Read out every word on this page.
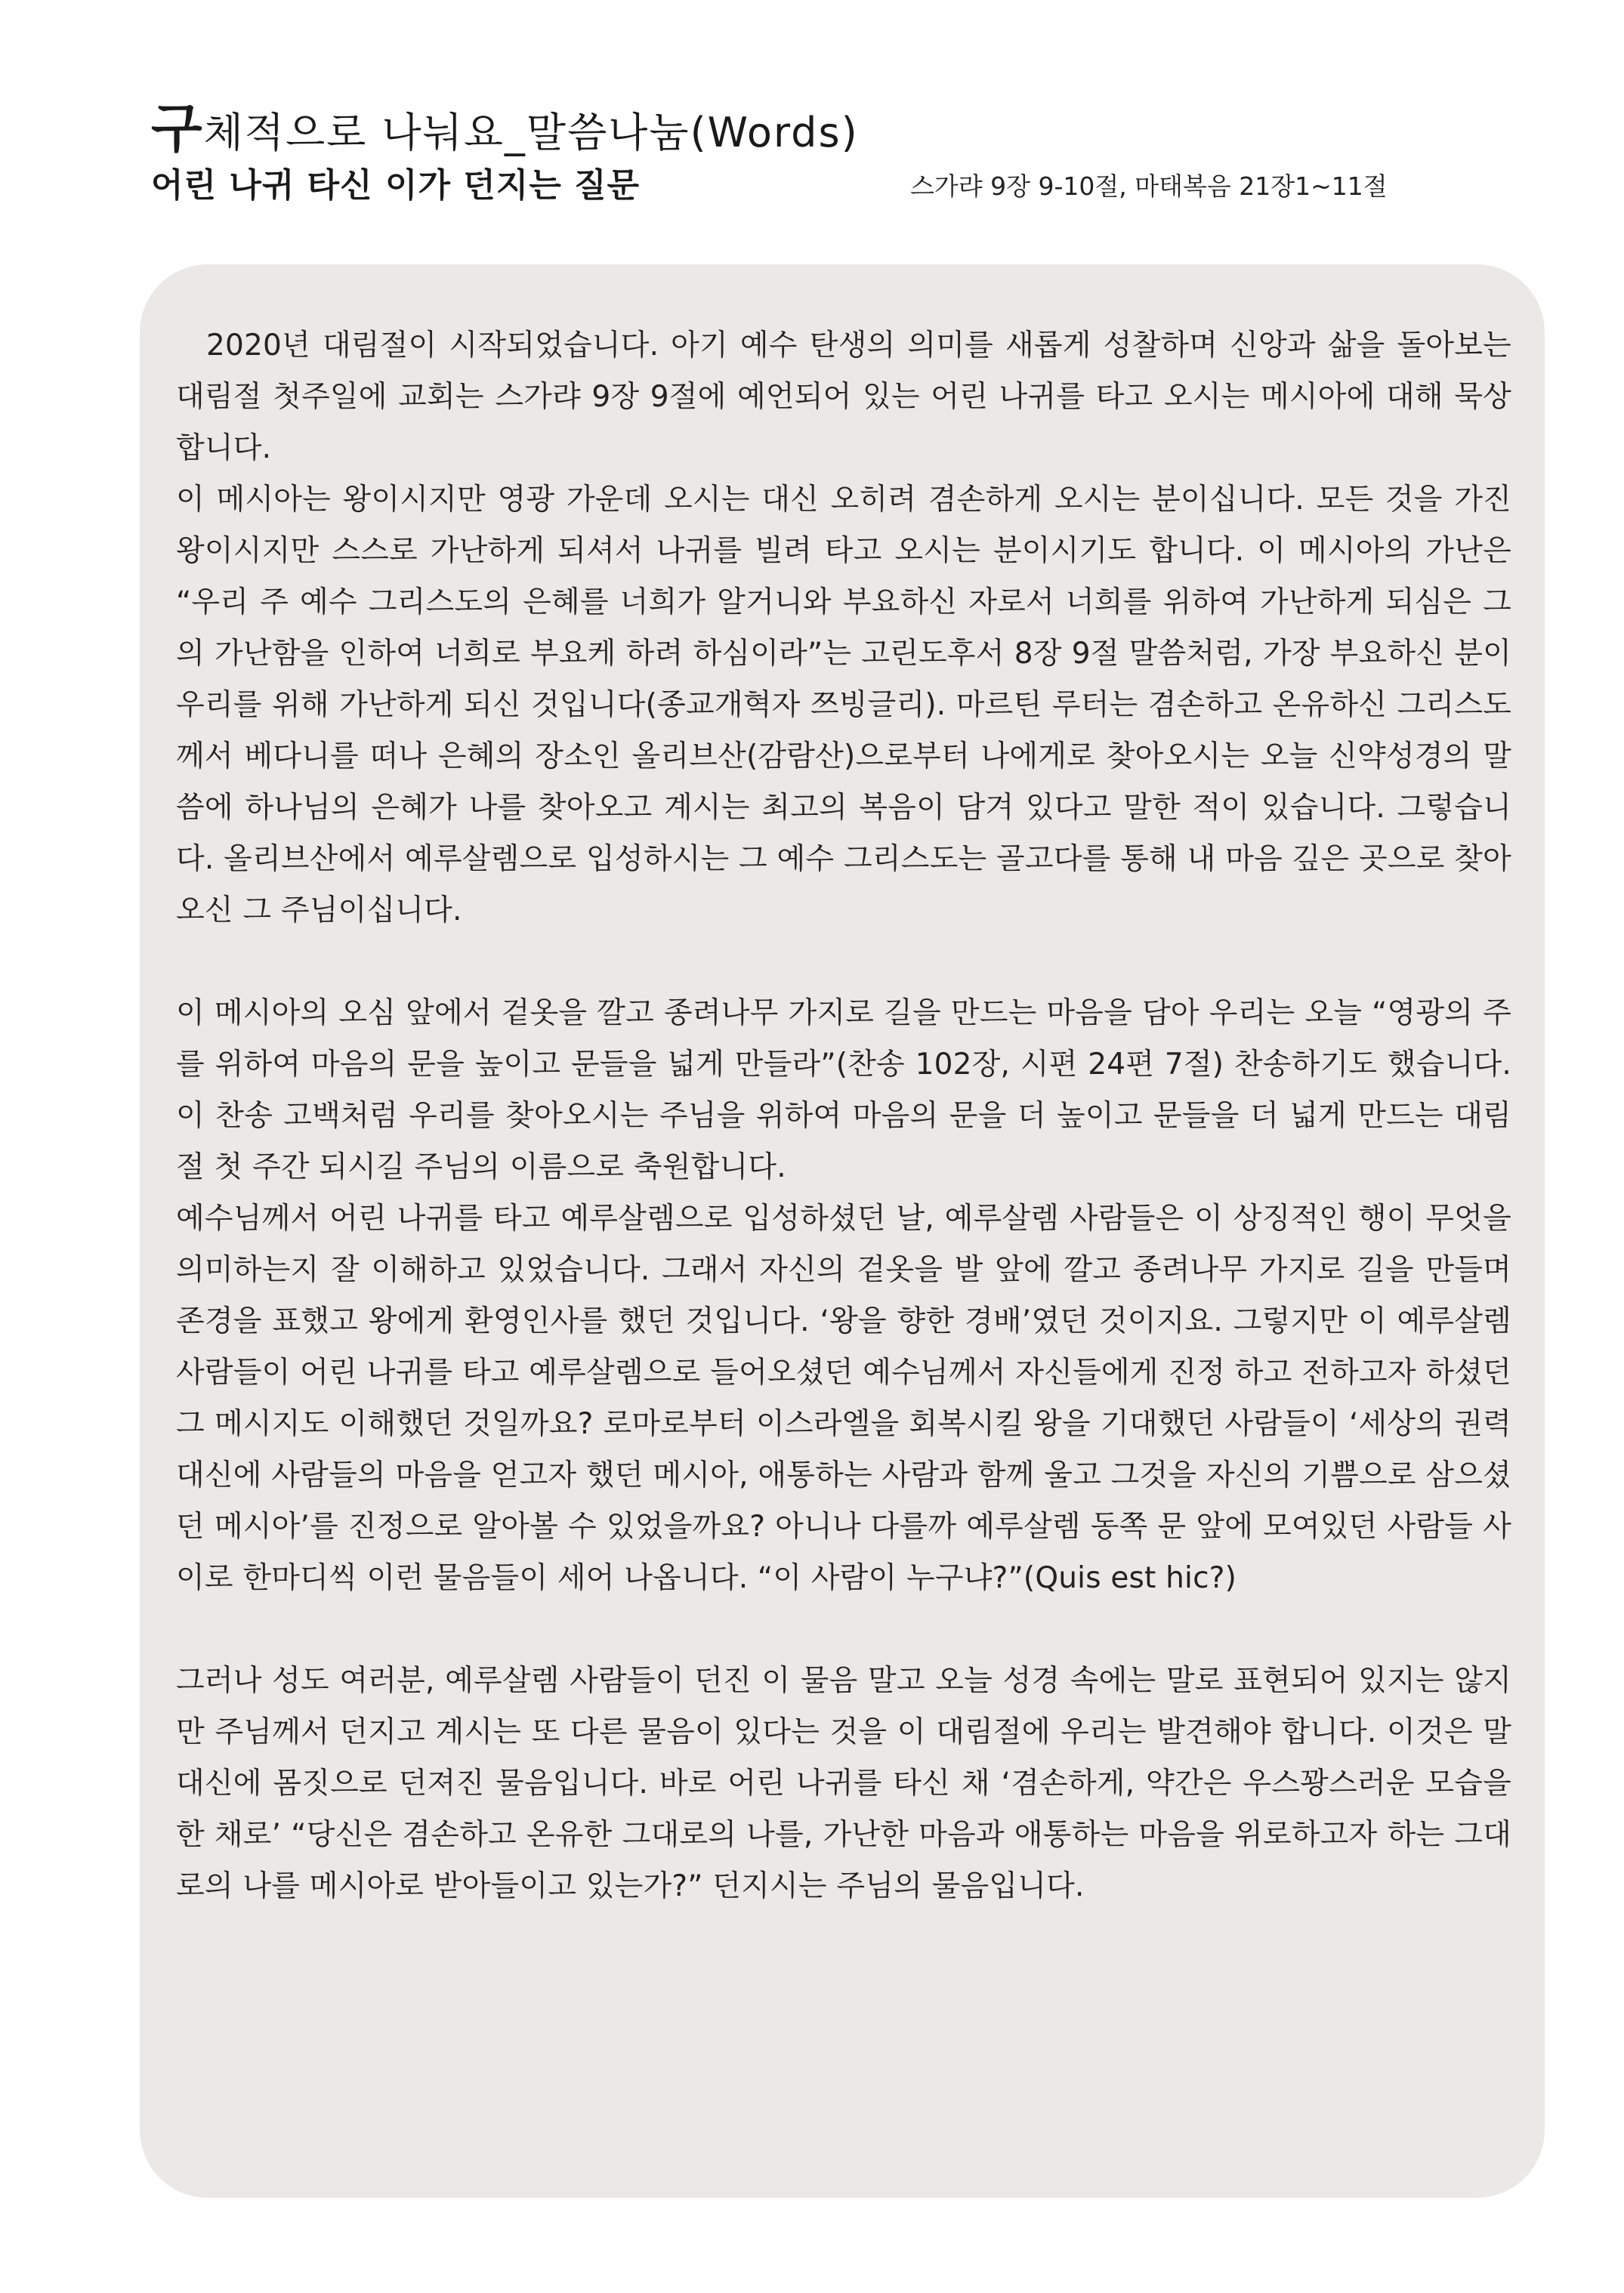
구체적으로 나눠요_말씀나눔(Words)
어린 나귀 타신 이가 던지는 질문	스가랴 9장 9-10절, 마태복음 21장1~11절

2020년 대림절이 시작되었습니다. 아기 예수 탄생의 의미를 새롭게 성찰하며 신앙과 삶을 돌아보는 대림절 첫주일에 교회는 스가랴 9장 9절에 예언되어 있는 어린 나귀를 타고 오시는 메시아에 대해 묵상합니다.

이 메시아는 왕이시지만 영광 가운데 오시는 대신 오히려 겸손하게 오시는 분이십니다. 모든 것을 가진 왕이시지만 스스로 가난하게 되셔서 나귀를 빌려 타고 오시는 분이시기도 합니다. 이 메시아의 가난은 “우리 주 예수 그리스도의 은혜를 너희가 알거니와 부요하신 자로서 너희를 위하여 가난하게 되심은 그의 가난함을 인하여 너희로 부요케 하려 하심이라”는 고린도후서 8장 9절 말씀처럼, 가장 부요하신 분이 우리를 위해 가난하게 되신 것입니다(종교개혁자 쯔빙글리). 마르틴 루터는 겸손하고 온유하신 그리스도께서 베다니를 떠나 은혜의 장소인 올리브산(감람산)으로부터 나에게로 찾아오시는 오늘 신약성경의 말씀에 하나님의 은혜가 나를 찾아오고 계시는 최고의 복음이 담겨 있다고 말한 적이 있습니다. 그렇습니다. 올리브산에서 예루살렘으로 입성하시는 그 예수 그리스도는 골고다를 통해 내 마음 깊은 곳으로 찾아오신 그 주님이십니다.

이 메시아의 오심 앞에서 겉옷을 깔고 종려나무 가지로 길을 만드는 마음을 담아 우리는 오늘 “영광의 주를 위하여 마음의 문을 높이고 문들을 넓게 만들라”(찬송 102장, 시편 24편 7절) 찬송하기도 했습니다. 이 찬송 고백처럼 우리를 찾아오시는 주님을 위하여 마음의 문을 더 높이고 문들을 더 넓게 만드는 대림절 첫 주간 되시길 주님의 이름으로 축원합니다.

예수님께서 어린 나귀를 타고 예루살렘으로 입성하셨던 날, 예루살렘 사람들은 이 상징적인 행이 무엇을 의미하는지 잘 이해하고 있었습니다. 그래서 자신의 겉옷을 발 앞에 깔고 종려나무 가지로 길을 만들며 존경을 표했고 왕에게 환영인사를 했던 것입니다. ‘왕을 향한 경배’였던 것이지요. 그렇지만 이 예루살렘 사람들이 어린 나귀를 타고 예루살렘으로 들어오셨던 예수님께서 자신들에게 진정 하고 전하고자 하셨던 그 메시지도 이해했던 것일까요? 로마로부터 이스라엘을 회복시킬 왕을 기대했던 사람들이 ‘세상의 권력 대신에 사람들의 마음을 얻고자 했던 메시아, 애통하는 사람과 함께 울고 그것을 자신의 기쁨으로 삼으셨던 메시아’를 진정으로 알아볼 수 있었을까요? 아니나 다를까 예루살렘 동쪽 문 앞에 모여있던 사람들 사이로 한마디씩 이런 물음들이 세어 나옵니다. “이 사람이 누구냐?”(Quis est hic?)

그러나 성도 여러분, 예루살렘 사람들이 던진 이 물음 말고 오늘 성경 속에는 말로 표현되어 있지는 않지만 주님께서 던지고 계시는 또 다른 물음이 있다는 것을 이 대림절에 우리는 발견해야 합니다. 이것은 말 대신에 몸짓으로 던져진 물음입니다. 바로 어린 나귀를 타신 채 ‘겸손하게, 약간은 우스꽝스러운 모습을 한 채로’ “당신은 겸손하고 온유한 그대로의 나를, 가난한 마음과 애통하는 마음을 위로하고자 하는 그대로의 나를 메시아로 받아들이고 있는가?” 던지시는 주님의 물음입니다.
